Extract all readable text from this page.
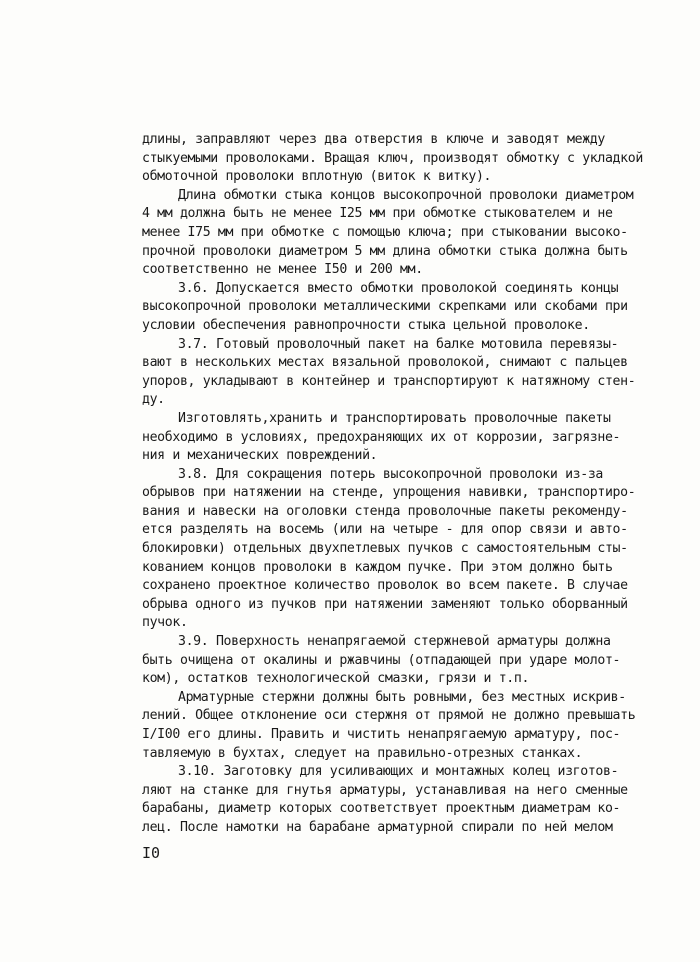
длины, заправляют через два отверстия в ключе и заводят между
стыкуемыми проволоками. Вращая ключ, производят обмотку с укладкой
обмоточной проволоки вплотную (виток к витку).
Длина обмотки стыка концов высокопрочной проволоки диаметром
4 мм должна быть не менее I25 мм при обмотке стыкователем и не
менее I75 мм при обмотке с помощью ключа; при стыковании высоко-
прочной проволоки диаметром 5 мм длина обмотки стыка должна быть
соответственно не менее I50 и 200 мм.
3.6. Допускается вместо обмотки проволокой соединять концы
высокопрочной проволоки металлическими скрепками или скобами при
условии обеспечения равнопрочности стыка цельной проволоке.
3.7. Готовый проволочный пакет на балке мотовила перевязы-
вают в нескольких местах вязальной проволокой, снимают с пальцев
упоров, укладывают в контейнер и транспортируют к натяжному стен-
ду.
Изготовлять,хранить и транспортировать проволочные пакеты
необходимо в условиях, предохраняющих их от коррозии, загрязне-
ния и механических повреждений.
3.8. Для сокращения потерь высокопрочной проволоки из-за
обрывов при натяжении на стенде, упрощения навивки, транспортиро-
вания и навески на оголовки стенда проволочные пакеты рекоменду-
ется разделять на восемь (или на четыре - для опор связи и авто-
блокировки) отдельных двухпетлевых пучков с самостоятельным сты-
кованием концов проволоки в каждом пучке. При этом должно быть
сохранено проектное количество проволок во всем пакете. В случае
обрыва одного из пучков при натяжении заменяют только оборванный
пучок.
3.9. Поверхность ненапрягаемой стержневой арматуры должна
быть очищена от окалины и ржавчины (отпадающей при ударе молот-
ком), остатков технологической смазки, грязи и т.п.
Арматурные стержни должны быть ровными, без местных искрив-
лений. Общее отклонение оси стержня от прямой не должно превышать
I/I00 его длины. Править и чистить ненапрягаемую арматуру, пос-
тавляемую в бухтах, следует на правильно-отрезных станках.
3.10. Заготовку для усиливающих и монтажных колец изготов-
ляют на станке для гнутья арматуры, устанавливая на него сменные
барабаны, диаметр которых соответствует проектным диаметрам ко-
лец. После намотки на барабане арматурной спирали по ней мелом
I0
